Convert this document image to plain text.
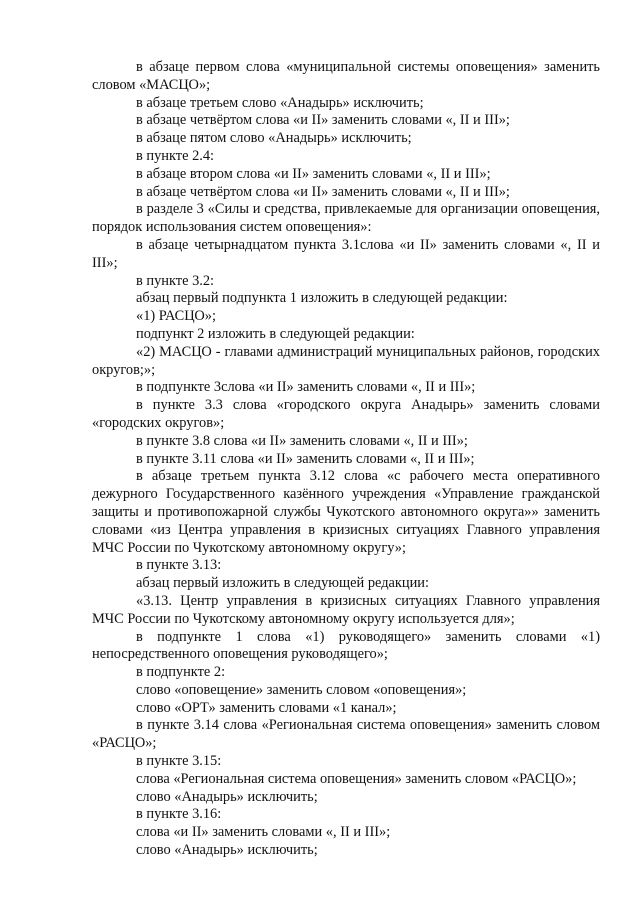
в абзаце первом слова «муниципальной системы оповещения» заменить словом «МАСЦО»;

в абзаце третьем слово «Анадырь» исключить;

в абзаце четвёртом слова «и II» заменить словами «, II и III»;

в абзаце пятом слово «Анадырь» исключить;

в пункте 2.4:

в абзаце втором слова «и II» заменить словами «, II и III»;

в абзаце четвёртом слова «и II» заменить словами «, II и III»;

в разделе 3 «Силы и средства, привлекаемые для организации оповещения, порядок использования систем оповещения»:

в абзаце четырнадцатом пункта 3.1слова «и II» заменить словами «, II и III»;

в пункте 3.2:

абзац первый подпункта 1 изложить в следующей редакции:

«1) РАСЦО»;

подпункт 2 изложить в следующей редакции:

«2) МАСЦО - главами администраций муниципальных районов, городских округов;»;

в подпункте 3слова «и II» заменить словами «, II и III»;

в пункте 3.3 слова «городского округа Анадырь» заменить словами «городских округов»;

в пункте 3.8 слова «и II» заменить словами «, II и III»;

в пункте 3.11 слова «и II» заменить словами «, II и III»;

в абзаце третьем пункта 3.12 слова «с рабочего места оперативного дежурного Государственного казённого учреждения «Управление гражданской защиты и противопожарной службы Чукотского автономного округа»» заменить словами «из Центра управления в кризисных ситуациях Главного управления МЧС России по Чукотскому автономному округу»;

в пункте 3.13:

абзац первый изложить в следующей редакции:

«3.13. Центр управления в кризисных ситуациях Главного управления МЧС России по Чукотскому автономному округу используется для»;

в подпункте 1 слова «1) руководящего» заменить словами «1) непосредственного оповещения руководящего»;

в подпункте 2:

слово «оповещение» заменить словом «оповещения»;

слово «ОРТ» заменить словами «1 канал»;

в пункте 3.14 слова «Региональная система оповещения» заменить словом «РАСЦО»;

в пункте 3.15:

слова «Региональная система оповещения» заменить словом «РАСЦО»;

слово «Анадырь» исключить;

в пункте 3.16:

слова «и II» заменить словами «, II и III»;

слово «Анадырь» исключить;
